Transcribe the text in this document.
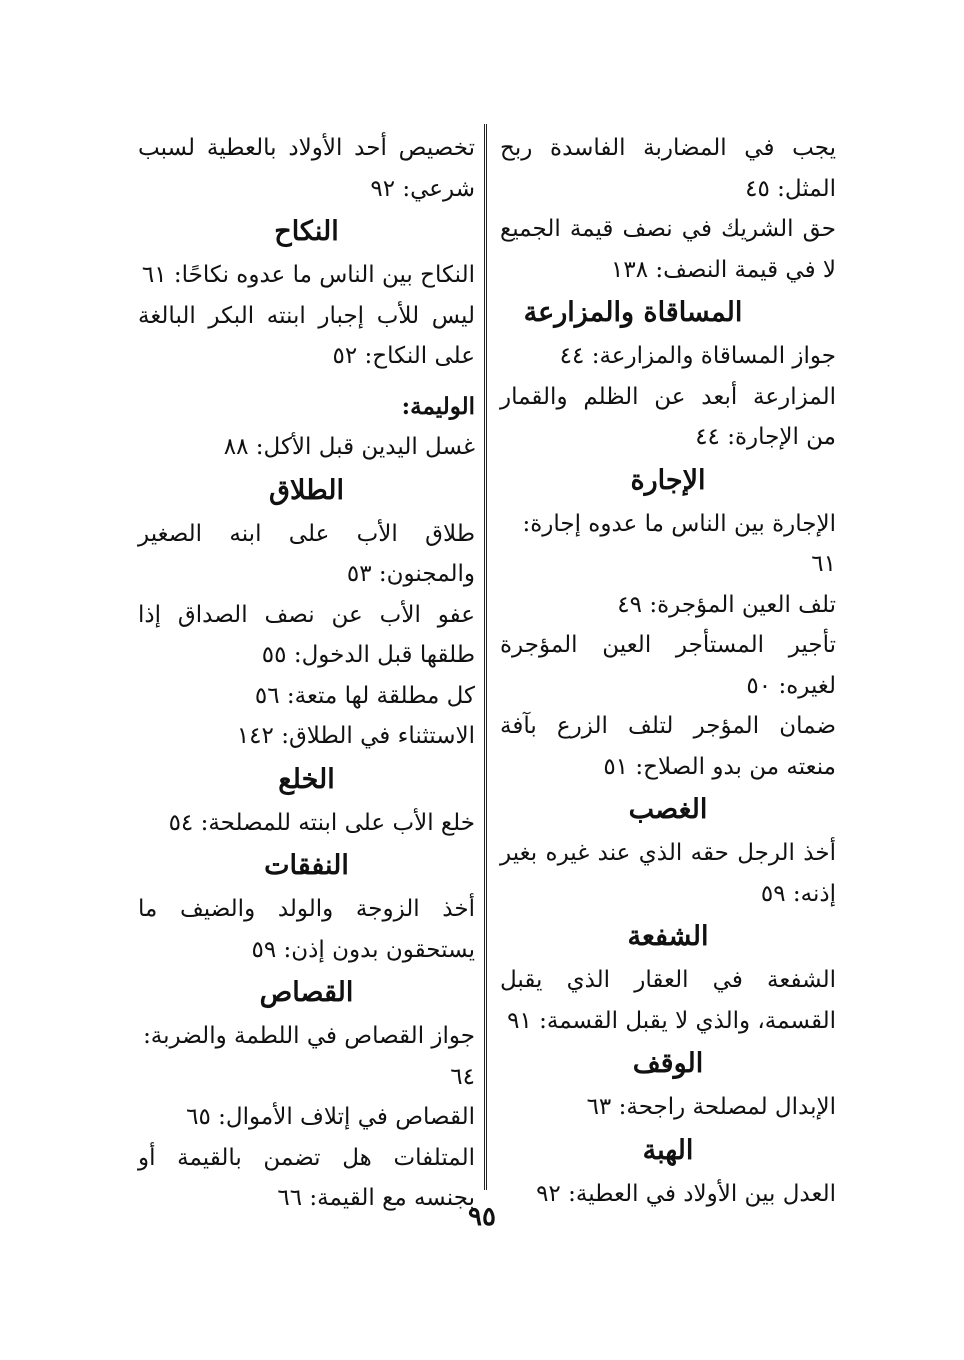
يجب في المضاربة الفاسدة ربح المثل: ٤٥
حق الشريك في نصف قيمة الجميع لا في قيمة النصف: ١٣٨
المساقاة والمزارعة
جواز المساقاة والمزارعة: ٤٤
المزارعة أبعد عن الظلم والقمار من الإجارة: ٤٤
الإجارة
الإجارة بين الناس ما عدوه إجارة: ٦١
تلف العين المؤجرة: ٤٩
تأجير المستأجر العين المؤجرة لغيره: ٥٠
ضمان المؤجر لتلف الزرع بآفة منعته من بدو الصلاح: ٥١
الغصب
أخذ الرجل حقه الذي عند غيره بغير إذنه: ٥٩
الشفعة
الشفعة في العقار الذي يقبل القسمة، والذي لا يقبل القسمة: ٩١
الوقف
الإبدال لمصلحة راجحة: ٦٣
الهبة
العدل بين الأولاد في العطية: ٩٢
تخصيص أحد الأولاد بالعطية لسبب شرعي: ٩٢
النكاح
النكاح بين الناس ما عدوه نكاحًا: ٦١
ليس للأب إجبار ابنته البكر البالغة على النكاح: ٥٢
الوليمة:
غسل اليدين قبل الأكل: ٨٨
الطلاق
طلاق الأب على ابنه الصغير والمجنون: ٥٣
عفو الأب عن نصف الصداق إذا طلقها قبل الدخول: ٥٥
كل مطلقة لها متعة: ٥٦
الاستثناء في الطلاق: ١٤٢
الخلع
خلع الأب على ابنته للمصلحة: ٥٤
النفقات
أخذ الزوجة والولد والضيف ما يستحقون بدون إذن: ٥٩
القصاص
جواز القصاص في اللطمة والضربة: ٦٤
القصاص في إتلاف الأموال: ٦٥
المتلفات هل تضمن بالقيمة أو بجنسه مع القيمة: ٦٦
٩٥
